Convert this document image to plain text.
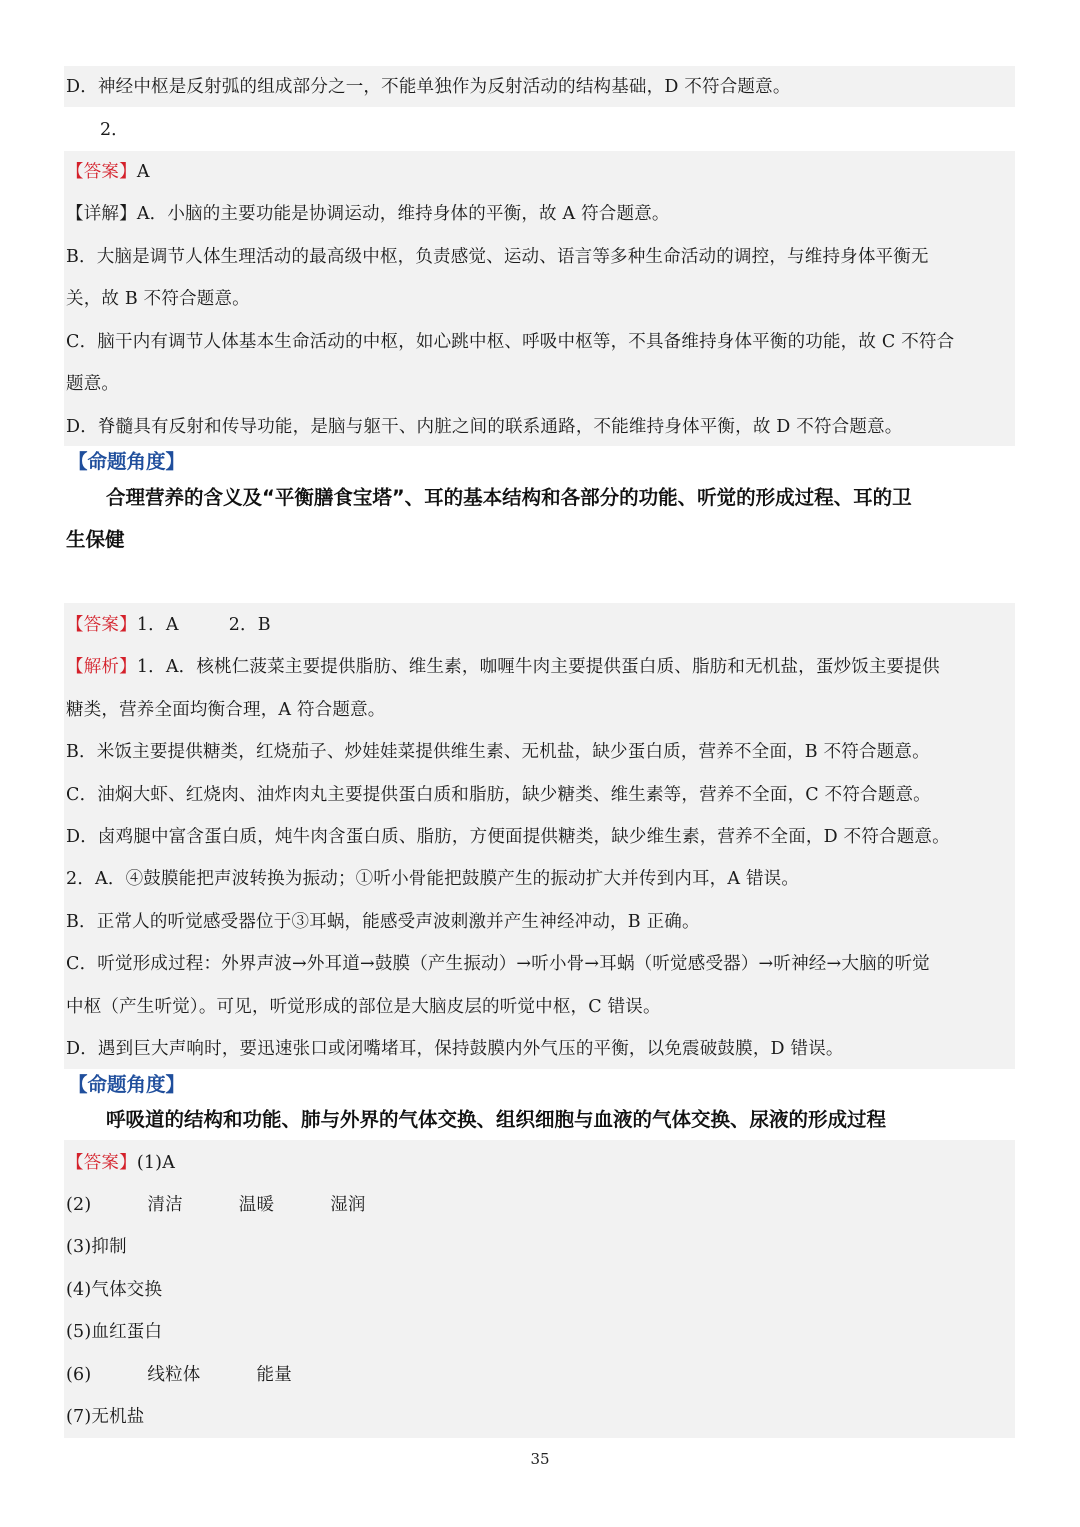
D．神经中枢是反射弧的组成部分之一，不能单独作为反射活动的结构基础，D 不符合题意。
2．
【答案】A
【详解】A．小脑的主要功能是协调运动，维持身体的平衡，故 A 符合题意。
B．大脑是调节人体生理活动的最高级中枢，负责感觉、运动、语言等多种生命活动的调控，与维持身体平衡无
关，故 B 不符合题意。
C．脑干内有调节人体基本生命活动的中枢，如心跳中枢、呼吸中枢等，不具备维持身体平衡的功能，故 C 不符合
题意。
D．脊髓具有反射和传导功能，是脑与躯干、内脏之间的联系通路，不能维持身体平衡，故 D 不符合题意。
【命题角度】
合理营养的含义及“平衡膳食宝塔”、耳的基本结构和各部分的功能、听觉的形成过程、耳的卫
生保健
【答案】1．A	2．B
【解析】1．A．核桃仁菠菜主要提供脂肪、维生素，咖喱牛肉主要提供蛋白质、脂肪和无机盐，蛋炒饭主要提供
糖类，营养全面均衡合理，A 符合题意。
B．米饭主要提供糖类，红烧茄子、炒娃娃菜提供维生素、无机盐，缺少蛋白质，营养不全面，B 不符合题意。
C．油焖大虾、红烧肉、油炸肉丸主要提供蛋白质和脂肪，缺少糖类、维生素等，营养不全面，C 不符合题意。
D．卤鸡腿中富含蛋白质，炖牛肉含蛋白质、脂肪，方便面提供糖类，缺少维生素，营养不全面，D 不符合题意。
2．A．④鼓膜能把声波转换为振动；①听小骨能把鼓膜产生的振动扩大并传到内耳，A 错误。
B．正常人的听觉感受器位于③耳蜗，能感受声波刺激并产生神经冲动，B 正确。
C．听觉形成过程：外界声波→外耳道→鼓膜（产生振动）→听小骨→耳蜗（听觉感受器）→听神经→大脑的听觉
中枢（产生听觉）。可见，听觉形成的部位是大脑皮层的听觉中枢，C 错误。
D．遇到巨大声响时，要迅速张口或闭嘴堵耳，保持鼓膜内外气压的平衡，以免震破鼓膜，D 错误。
【命题角度】
呼吸道的结构和功能、肺与外界的气体交换、组织细胞与血液的气体交换、尿液的形成过程
【答案】(1)A
(2)	清洁	温暖	湿润
(3)抑制
(4)气体交换
(5)血红蛋白
(6)	线粒体	能量
(7)无机盐
35
